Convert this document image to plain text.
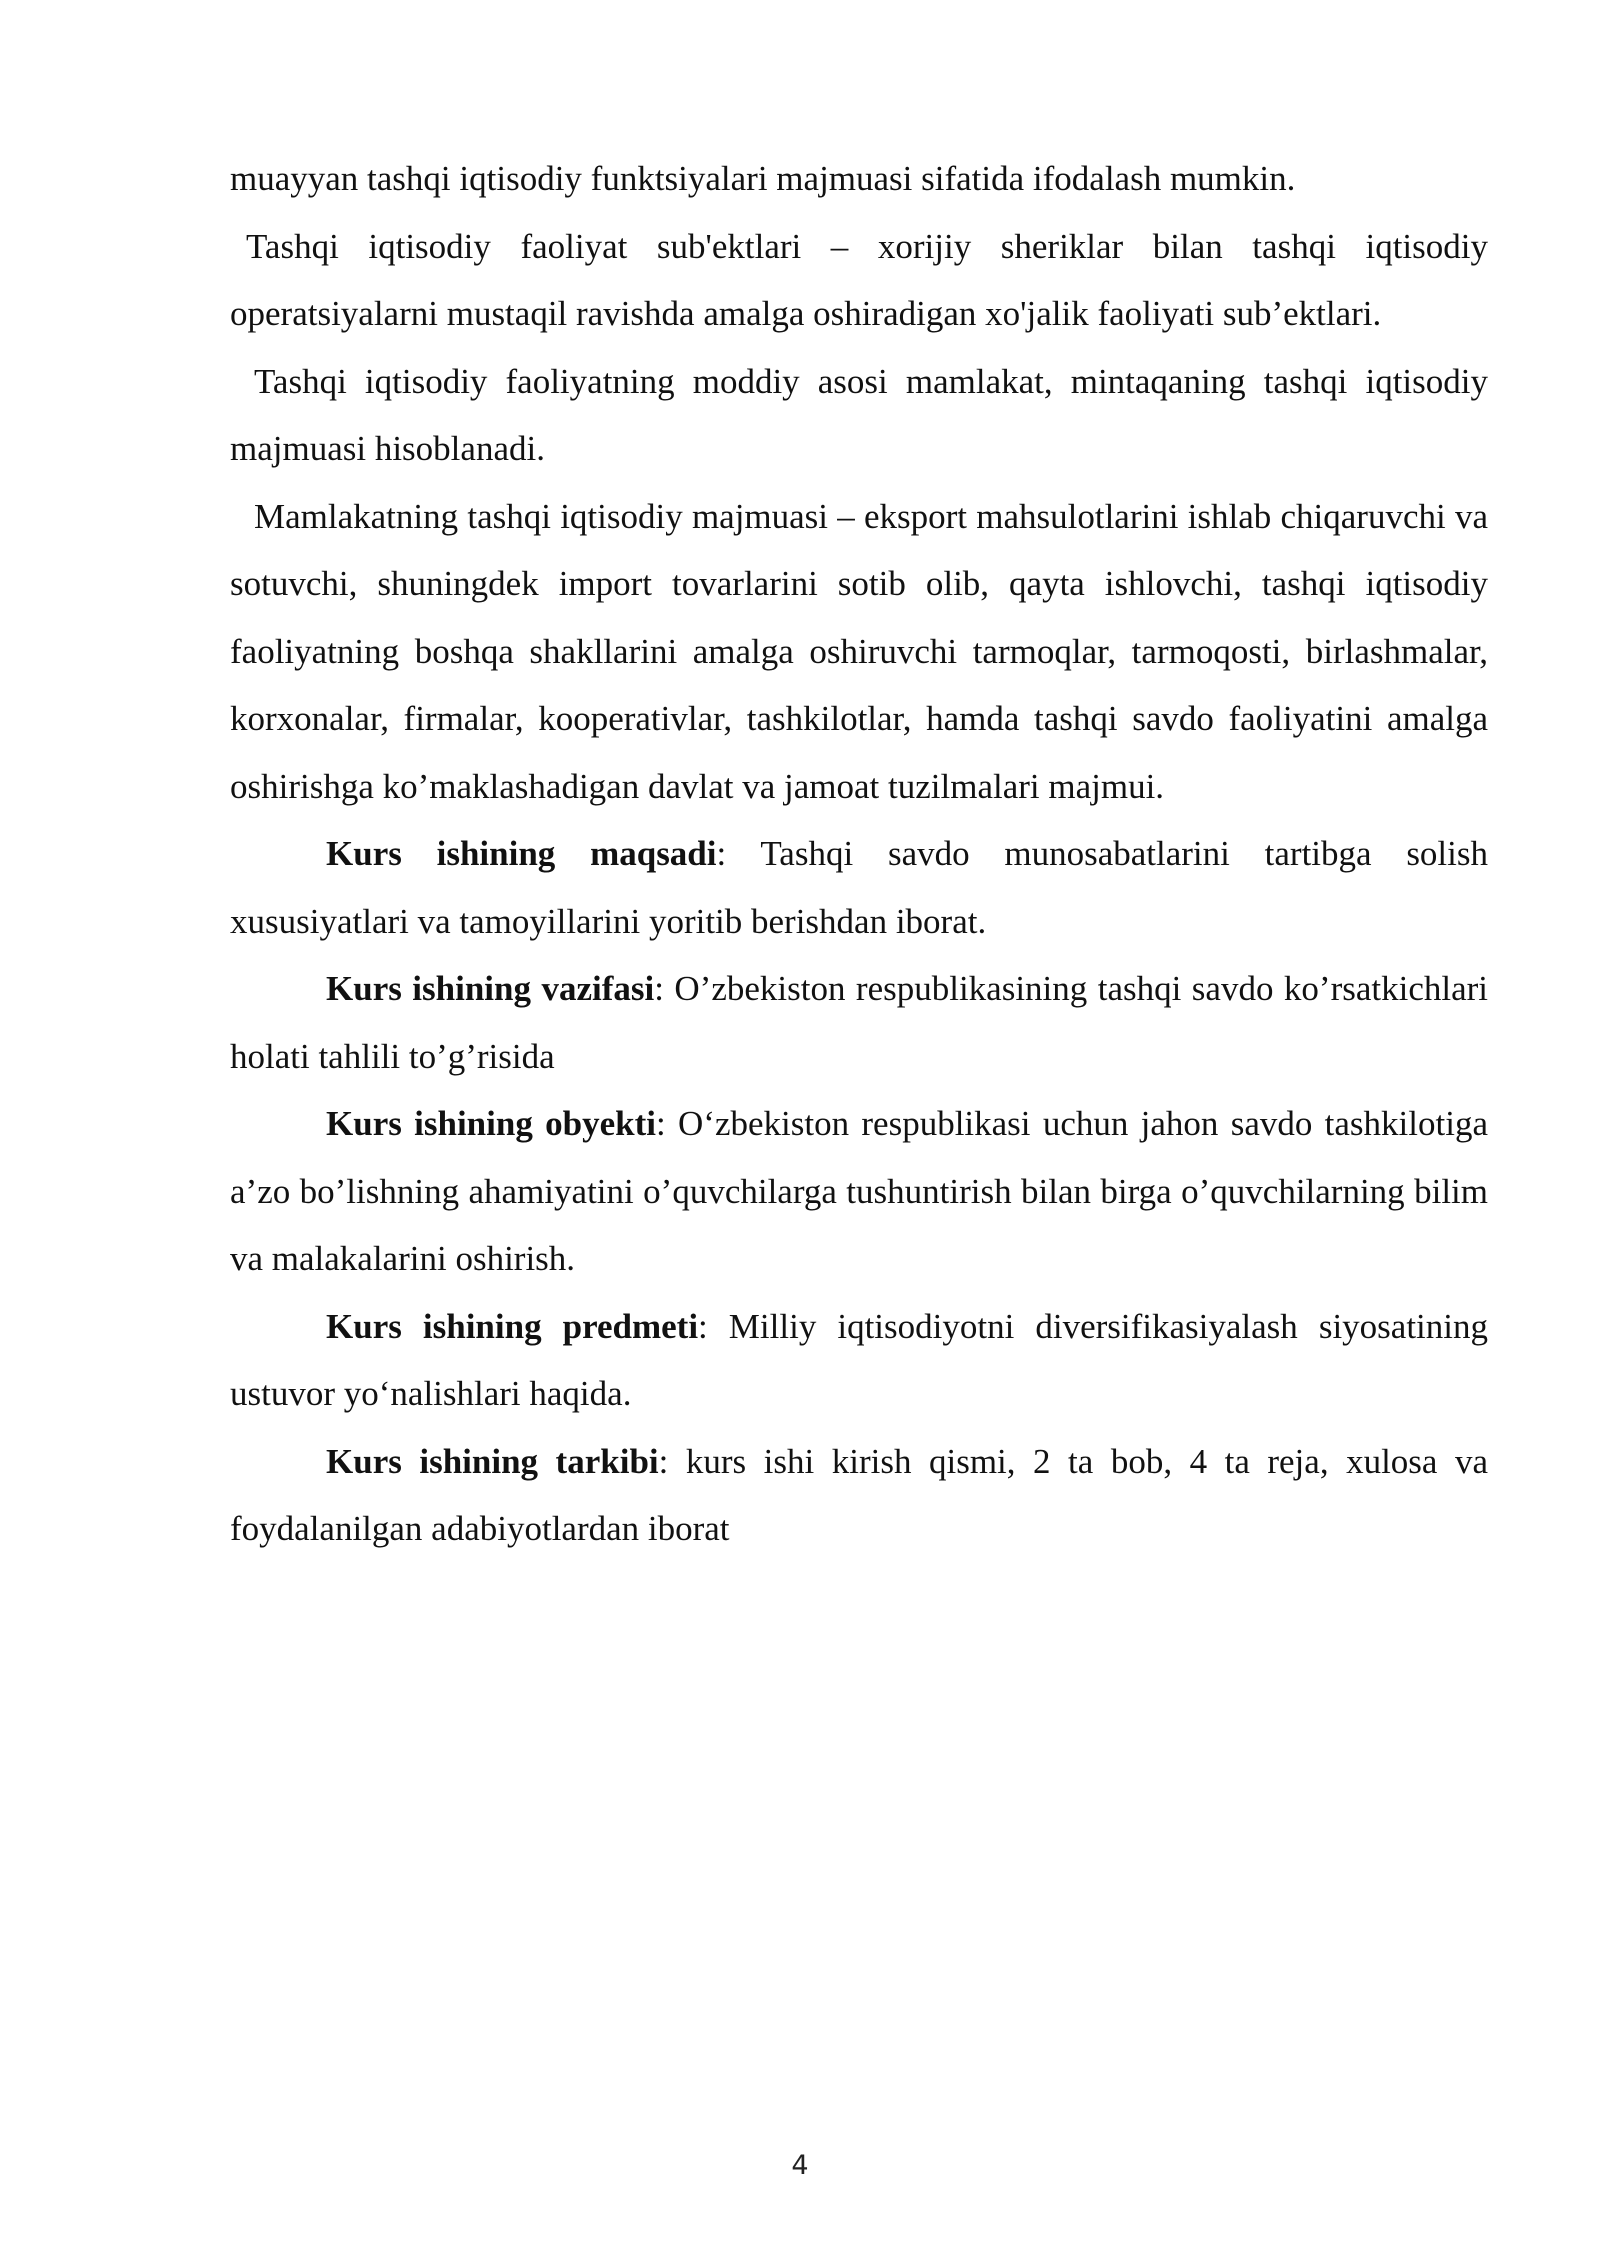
muayyan tashqi iqtisodiy funktsiyalari majmuasi sifatida ifodalash mumkin.

Tashqi iqtisodiy faoliyat sub'ektlari – xorijiy sheriklar bilan tashqi iqtisodiy operatsiyalarni mustaqil ravishda amalga oshiradigan xo'jalik faoliyati sub’ektlari.

Tashqi iqtisodiy faoliyatning moddiy asosi mamlakat, mintaqaning tashqi iqtisodiy majmuasi hisoblanadi.

Mamlakatning tashqi iqtisodiy majmuasi – eksport mahsulotlarini ishlab chiqaruvchi va sotuvchi, shuningdek import tovarlarini sotib olib, qayta ishlovchi, tashqi iqtisodiy faoliyatning boshqa shakllarini amalga oshiruvchi tarmoqlar, tarmoqosti, birlashmalar, korxonalar, firmalar, kooperativlar, tashkilotlar, hamda tashqi savdo faoliyatini amalga oshirishga ko’maklashadigan davlat va jamoat tuzilmalari majmui.

Kurs ishining maqsadi: Tashqi savdo munosabatlarini tartibga solish xususiyatlari va tamoyillarini yoritib berishdan iborat.

Kurs ishining vazifasi: O’zbekiston respublikasining tashqi savdo ko’rsatkichlari holati tahlili to’g’risida

Kurs ishining obyekti: O‘zbekiston respublikasi uchun jahon savdo tashkilotiga a’zo bo’lishning ahamiyatini o’quvchilarga tushuntirish bilan birga o’quvchilarning bilim va malakalarini oshirish.

Kurs ishining predmeti: Milliy iqtisodiyotni diversifikasiyalash siyosatining ustuvor yo‘nalishlari haqida.

Kurs ishining tarkibi: kurs ishi kirish qismi, 2 ta bob, 4 ta reja, xulosa va foydalanilgan adabiyotlardan iborat

4
